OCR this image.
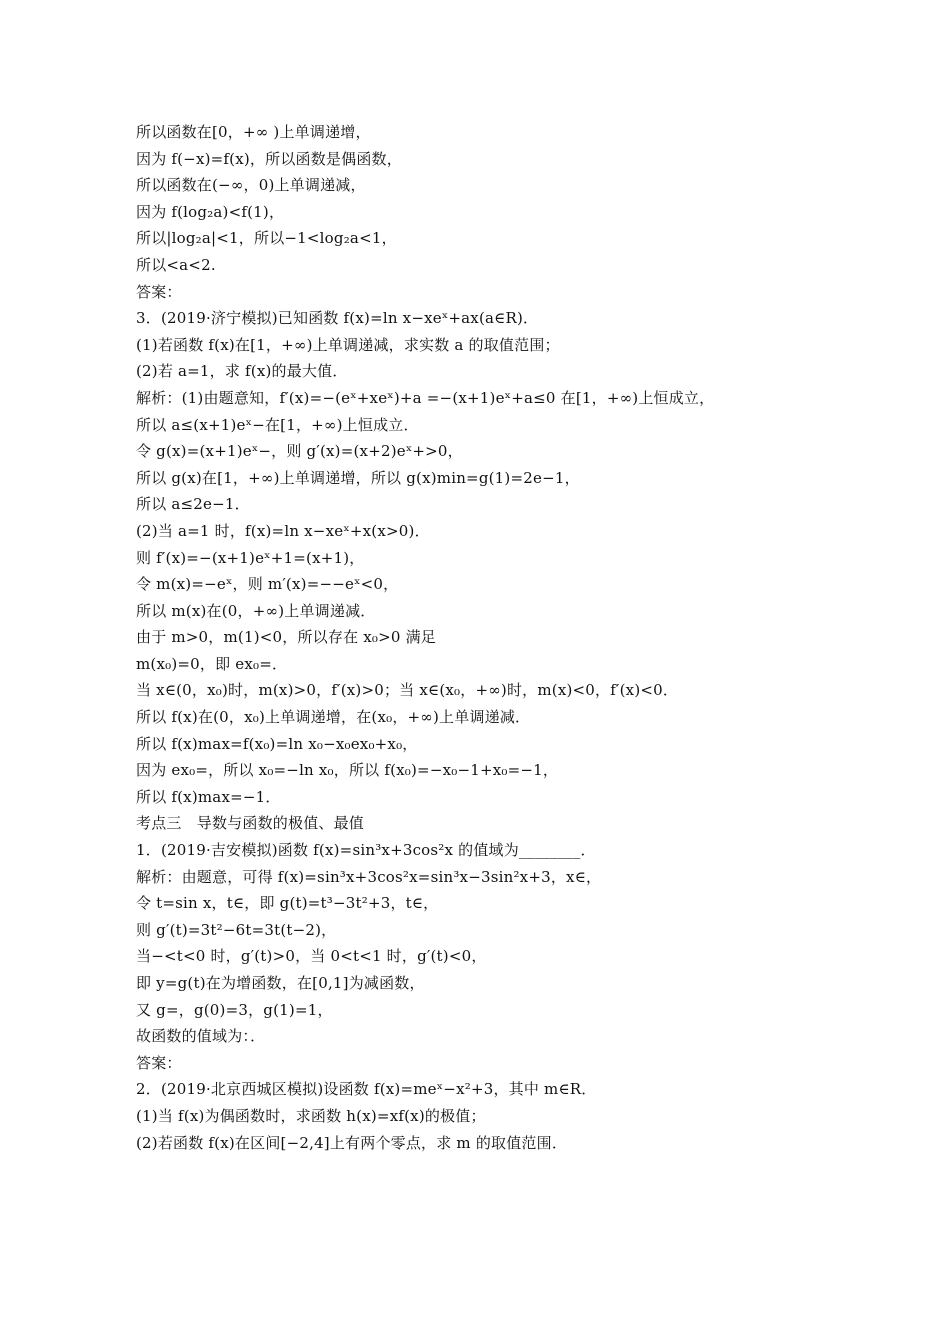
所以函数在[0，+∞ )上单调递增，
因为 f(−x)=f(x)，所以函数是偶函数，
所以函数在(−∞，0)上单调递减，
因为 f(log₂a)<f(1)，
所以|log₂a|<1，所以−1<log₂a<1，
所以<a<2.
答案：
3．(2019·济宁模拟)已知函数 f(x)=ln x−xeˣ+ax(a∈R)．
(1)若函数 f(x)在[1，+∞)上单调递减，求实数 a 的取值范围；
(2)若 a=1，求 f(x)的最大值．
解析：(1)由题意知，f′(x)=−(eˣ+xeˣ)+a =−(x+1)eˣ+a≤0 在[1，+∞)上恒成立，
所以 a≤(x+1)eˣ−在[1，+∞)上恒成立．
令 g(x)=(x+1)eˣ−，则 g′(x)=(x+2)eˣ+>0，
所以 g(x)在[1，+∞)上单调递增，所以 g(x)min=g(1)=2e−1，
所以 a≤2e−1．
(2)当 a=1 时，f(x)=ln x−xeˣ+x(x>0)．
则 f′(x)=−(x+1)eˣ+1=(x+1)，
令 m(x)=−eˣ，则 m′(x)=−−eˣ<0，
所以 m(x)在(0，+∞)上单调递减．
由于 m>0，m(1)<0，所以存在 x₀>0 满足
m(x₀)=0，即 ex₀=．
当 x∈(0，x₀)时，m(x)>0，f′(x)>0；当 x∈(x₀，+∞)时，m(x)<0，f′(x)<0．
所以 f(x)在(0，x₀)上单调递增，在(x₀，+∞)上单调递减．
所以 f(x)max=f(x₀)=ln x₀−x₀ex₀+x₀，
因为 ex₀=，所以 x₀=−ln x₀，所以 f(x₀)=−x₀−1+x₀=−1，
所以 f(x)max=−1．
考点三　导数与函数的极值、最值
1．(2019·吉安模拟)函数 f(x)=sin³x+3cos²x 的值域为________．
解析：由题意，可得 f(x)=sin³x+3cos²x=sin³x−3sin²x+3，x∈，
令 t=sin x，t∈，即 g(t)=t³−3t²+3，t∈，
则 g′(t)=3t²−6t=3t(t−2)，
当−<t<0 时，g′(t)>0，当 0<t<1 时，g′(t)<0，
即 y=g(t)在为增函数，在[0,1]为减函数，
又 g=，g(0)=3，g(1)=1，
故函数的值域为：．
答案：
2．(2019·北京西城区模拟)设函数 f(x)=meˣ−x²+3，其中 m∈R．
(1)当 f(x)为偶函数时，求函数 h(x)=xf(x)的极值；
(2)若函数 f(x)在区间[−2,4]上有两个零点，求 m 的取值范围．
